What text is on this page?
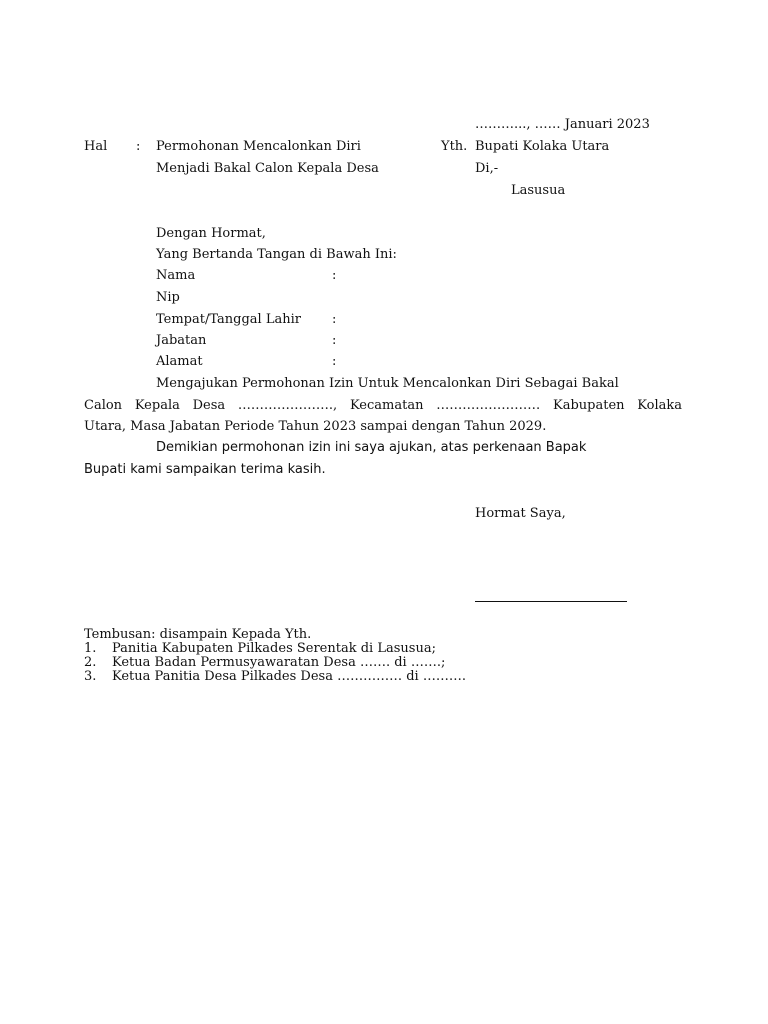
………..., …… Januari 2023
Hal : Permohonan Mencalonkan Diri
Menjadi Bakal Calon Kepala Desa
Yth. Bupati Kolaka Utara
Di,-
Lasusua
Dengan Hormat,
Yang Bertanda Tangan di Bawah Ini:
Nama	:
Nip
Tempat/Tanggal Lahir :
Jabatan	:
Alamat	:
Mengajukan Permohonan Izin Untuk Mencalonkan Diri Sebagai Bakal
Calon Kepala Desa …………………., Kecamatan …………………… Kabupaten Kolaka
Utara, Masa Jabatan Periode Tahun 2023 sampai dengan Tahun 2029.
Demikian permohonan izin ini saya ajukan, atas perkenaan Bapak
Bupati kami sampaikan terima kasih.
Hormat Saya,
Tembusan: disampain Kepada Yth.
1. Panitia Kabupaten Pilkades Serentak di Lasusua;
2. Ketua Badan Permusyawaratan Desa ……. di …….;
3. Ketua Panitia Desa Pilkades Desa …………… di ……….
